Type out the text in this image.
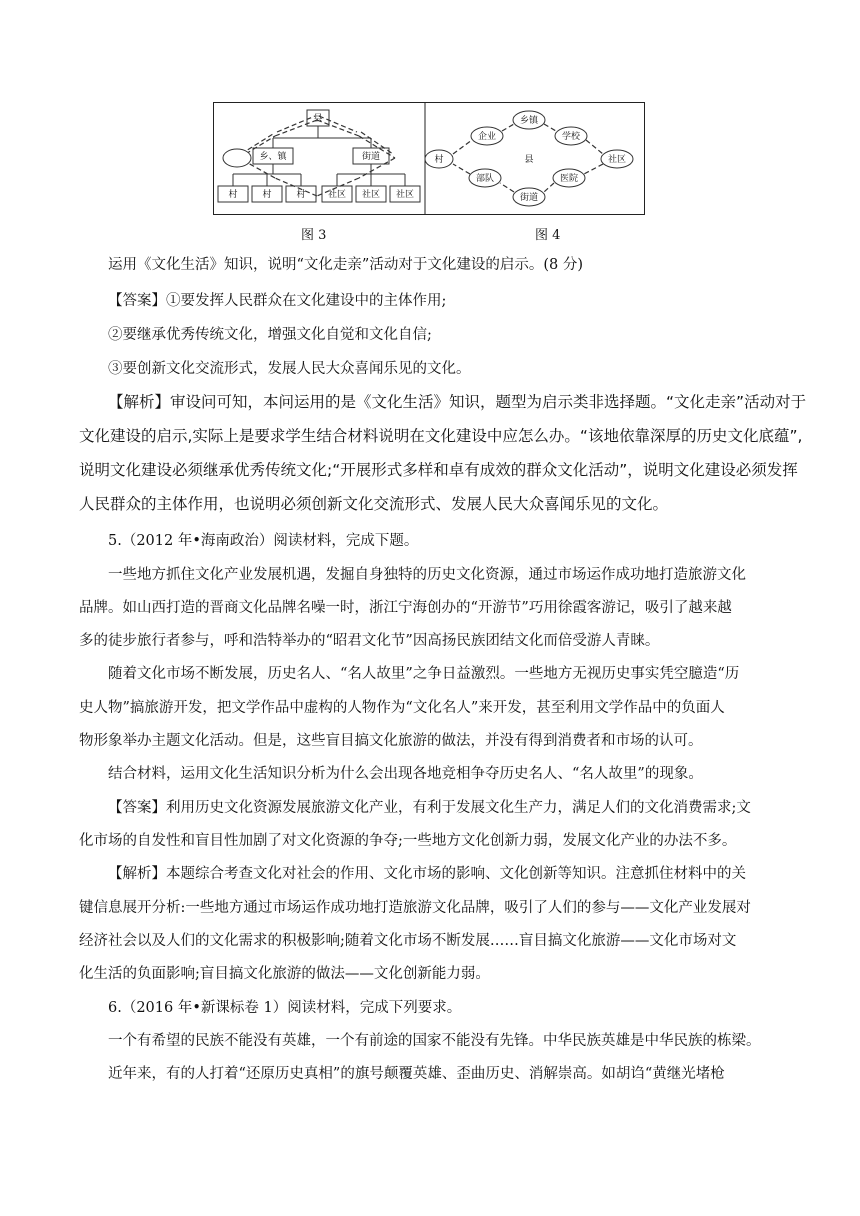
县
乡、镇	街道
村	村	村 社区 社区 社区
乡镇
企业	学校
村	县	社区
部队	医院
街道
图 3	图 4
运用《文化生活》知识，说明“文化走亲”活动对于文化建设的启示。(8 分)
【答案】①要发挥人民群众在文化建设中的主体作用;
②要继承优秀传统文化，增强文化自觉和文化自信;
③要创新文化交流形式，发展人民大众喜闻乐见的文化。
【解析】审设问可知，本问运用的是《文化生活》知识，题型为启示类非选择题。“文化走亲”活动对于
文化建设的启示,实际上是要求学生结合材料说明在文化建设中应怎么办。“该地依靠深厚的历史文化底蕴”,
说明文化建设必须继承优秀传统文化;“开展形式多样和卓有成效的群众文化活动”，说明文化建设必须发挥
人民群众的主体作用，也说明必须创新文化交流形式、发展人民大众喜闻乐见的文化。
5.（2012 年•海南政治）阅读材料，完成下题。
一些地方抓住文化产业发展机遇，发掘自身独特的历史文化资源，通过市场运作成功地打造旅游文化
品牌。如山西打造的晋商文化品牌名噪一时，浙江宁海创办的“开游节”巧用徐霞客游记，吸引了越来越
多的徒步旅行者参与，呼和浩特举办的“昭君文化节”因高扬民族团结文化而倍受游人青睐。
随着文化市场不断发展，历史名人、“名人故里”之争日益激烈。一些地方无视历史事实凭空臆造“历
史人物”搞旅游开发，把文学作品中虚构的人物作为“文化名人”来开发，甚至利用文学作品中的负面人
物形象举办主题文化活动。但是，这些盲目搞文化旅游的做法，并没有得到消费者和市场的认可。
结合材料，运用文化生活知识分析为什么会出现各地竞相争夺历史名人、“名人故里”的现象。
【答案】利用历史文化资源发展旅游文化产业，有利于发展文化生产力，满足人们的文化消费需求;文
化市场的自发性和盲目性加剧了对文化资源的争夺;一些地方文化创新力弱，发展文化产业的办法不多。
【解析】本题综合考查文化对社会的作用、文化市场的影响、文化创新等知识。注意抓住材料中的关
键信息展开分析:一些地方通过市场运作成功地打造旅游文化品牌，吸引了人们的参与——文化产业发展对
经济社会以及人们的文化需求的积极影响;随着文化市场不断发展……盲目搞文化旅游——文化市场对文
化生活的负面影响;盲目搞文化旅游的做法——文化创新能力弱。
6.（2016 年•新课标卷 1）阅读材料，完成下列要求。
一个有希望的民族不能没有英雄，一个有前途的国家不能没有先锋。中华民族英雄是中华民族的栋梁。
近年来，有的人打着“还原历史真相”的旗号颠覆英雄、歪曲历史、消解崇高。如胡诌“黄继光堵枪
